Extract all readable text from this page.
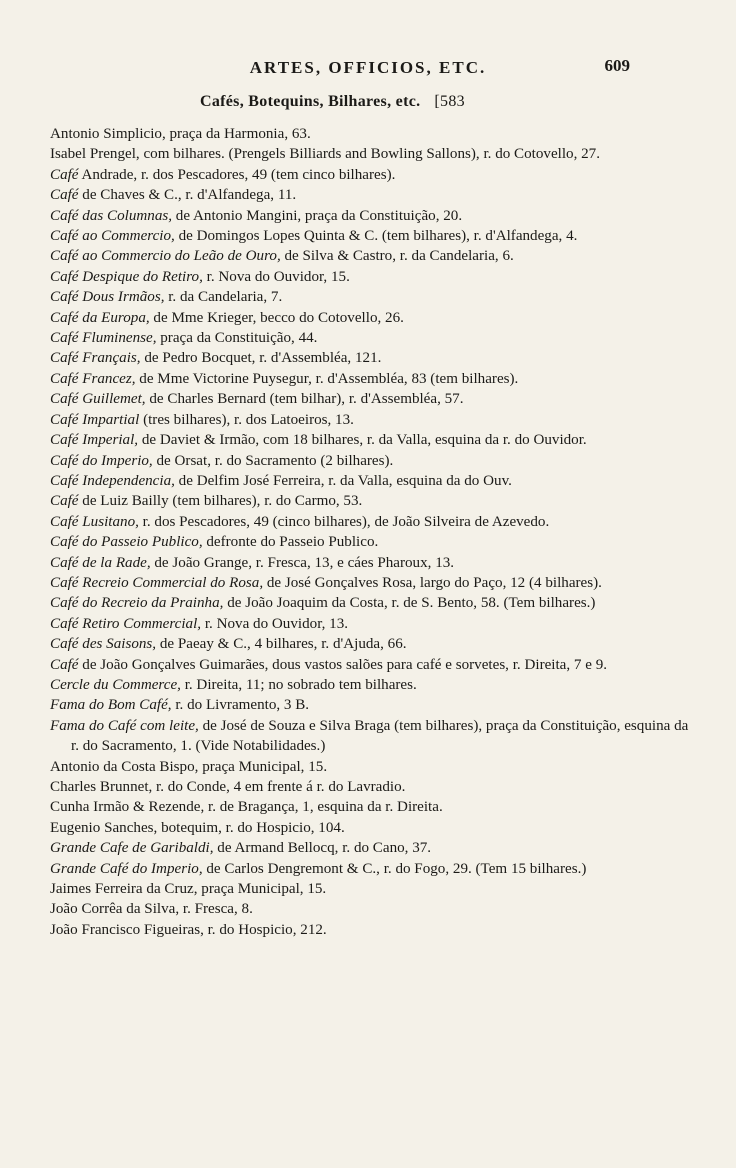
ARTES, OFFICIOS, ETC.	609
Cafés, Botequins, Bilhares, etc. [583

Antonio Simplicio, praça da Harmonia, 63.

Isabel Prengel, com bilhares. (Prengels Billiards and Bowling Sallons), r. do Cotovello, 27.

Café Andrade, r. dos Pescadores, 49 (tem cinco bilhares).

Café de Chaves & C., r. d'Alfandega, 11.

Café das Columnas, de Antonio Mangini, praça da Constituição, 20.

Café ao Commercio, de Domingos Lopes Quinta & C. (tem bilhares), r. d'Alfandega, 4.

Café ao Commercio do Leão de Ouro, de Silva & Castro, r. da Candelaria, 6.

Café Despique do Retiro, r. Nova do Ouvidor, 15.

Café Dous Irmãos, r. da Candelaria, 7.

Café da Europa, de Mme Krieger, becco do Cotovello, 26.

Café Fluminense, praça da Constituição, 44.

Café Français, de Pedro Bocquet, r. d'Assembléa, 121.

Café Francez, de Mme Victorine Puysegur, r. d'Assembléa, 83 (tem bilhares).

Café Guillemet, de Charles Bernard (tem bilhar), r. d'Assembléa, 57.

Café Impartial (tres bilhares), r. dos Latoeiros, 13.

Café Imperial, de Daviet & Irmão, com 18 bilhares, r. da Valla, esquina da r. do Ouvidor.

Café do Imperio, de Orsat, r. do Sacramento (2 bilhares).

Café Independencia, de Delfim José Ferreira, r. da Valla, esquina da do Ouv.

Café de Luiz Bailly (tem bilhares), r. do Carmo, 53.

Café Lusitano, r. dos Pescadores, 49 (cinco bilhares), de João Silveira de Azevedo.

Café do Passeio Publico, defronte do Passeio Publico.

Café de la Rade, de João Grange, r. Fresca, 13, e cáes Pharoux, 13.

Café Recreio Commercial do Rosa, de José Gonçalves Rosa, largo do Paço, 12 (4 bilhares).

Café do Recreio da Prainha, de João Joaquim da Costa, r. de S. Bento, 58. (Tem bilhares.)

Café Retiro Commercial, r. Nova do Ouvidor, 13.

Café des Saisons, de Paeay & C., 4 bilhares, r. d'Ajuda, 66.

Café de João Gonçalves Guimarães, dous vastos salões para café e sorvetes, r. Direita, 7 e 9.

Cercle du Commerce, r. Direita, 11; no sobrado tem bilhares.

Fama do Bom Café, r. do Livramento, 3 B.

Fama do Café com leite, de José de Souza e Silva Braga (tem bilhares), praça da Constituição, esquina da r. do Sacramento, 1. (Vide Notabilidades.)

Antonio da Costa Bispo, praça Municipal, 15.

Charles Brunnet, r. do Conde, 4 em frente á r. do Lavradio.

Cunha Irmão & Rezende, r. de Bragança, 1, esquina da r. Direita.

Eugenio Sanches, botequim, r. do Hospicio, 104.

Grande Cafe de Garibaldi, de Armand Bellocq, r. do Cano, 37.

Grande Café do Imperio, de Carlos Dengremont & C., r. do Fogo, 29. (Tem 15 bilhares.)

Jaimes Ferreira da Cruz, praça Municipal, 15.

João Corrêa da Silva, r. Fresca, 8.

João Francisco Figueiras, r. do Hospicio, 212.
